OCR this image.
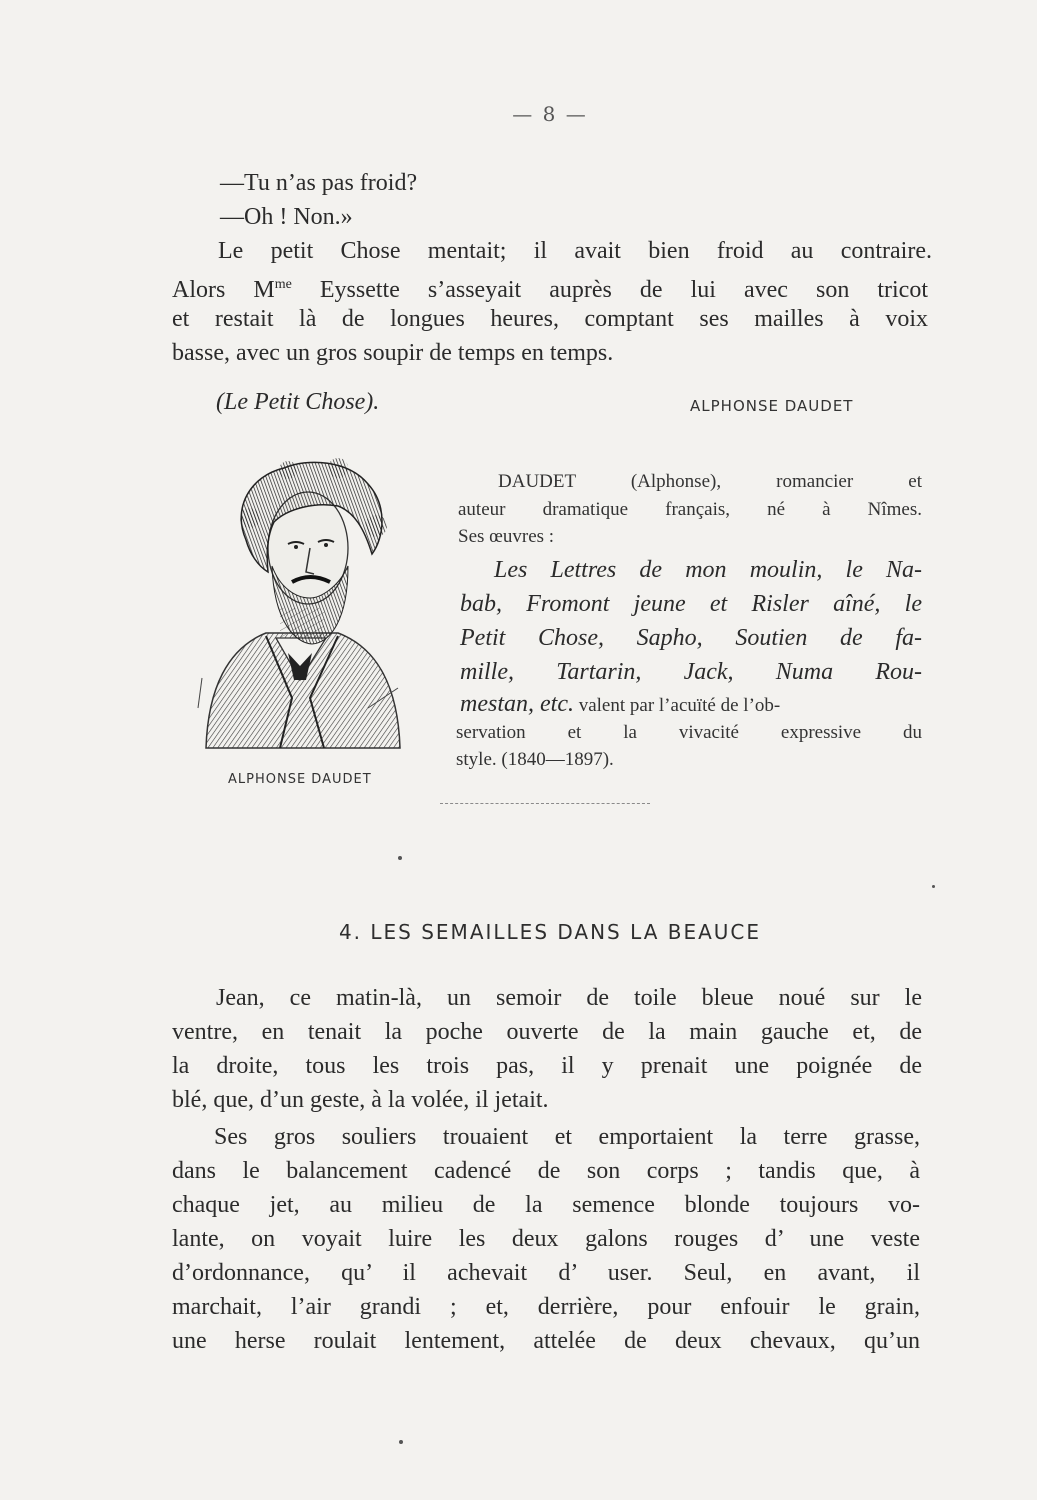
— 8 —
—Tu n’as pas froid?
—Oh ! Non.»
Le petit Chose mentait; il avait bien froid au contraire.
Alors $M^{me}$ Eyssette s’asseyait auprès de lui avec son tricot
et restait là de longues heures, comptant ses mailles à voix
basse, avec un gros soupir de temps en temps.
(Le Petit Chose).	ALPHONSE DAUDET
ALPHONSE DAUDET
DAUDET (Alphonse), romancier et
auteur dramatique français, né à Nîmes.
Ses œuvres :
Les Lettres de mon moulin, le Na-
bab, Fromont jeune et Risler aîné, le
Petit Chose, Sapho, Soutien de fa-
mille, Tartarin, Jack, Numa Rou-
mestan, etc. valent par l’acuïté de l’ob-
servation et la vivacité expressive du
style. (1840—1897).
4. LES SEMAILLES DANS LA BEAUCE
Jean, ce matin-là, un semoir de toile bleue noué sur le
ventre, en tenait la poche ouverte de la main gauche et, de
la droite, tous les trois pas, il y prenait une poignée de
blé, que, d’un geste, à la volée, il jetait.
Ses gros souliers trouaient et emportaient la terre grasse,
dans le balancement cadencé de son corps ; tandis que, à
chaque jet, au milieu de la semence blonde toujours vo-
lante, on voyait luire les deux galons rouges d’ une veste
d’ordonnance, qu’ il achevait d’ user. Seul, en avant, il
marchait, l’air grandi ; et, derrière, pour enfouir le grain,
une herse roulait lentement, attelée de deux chevaux, qu’un
